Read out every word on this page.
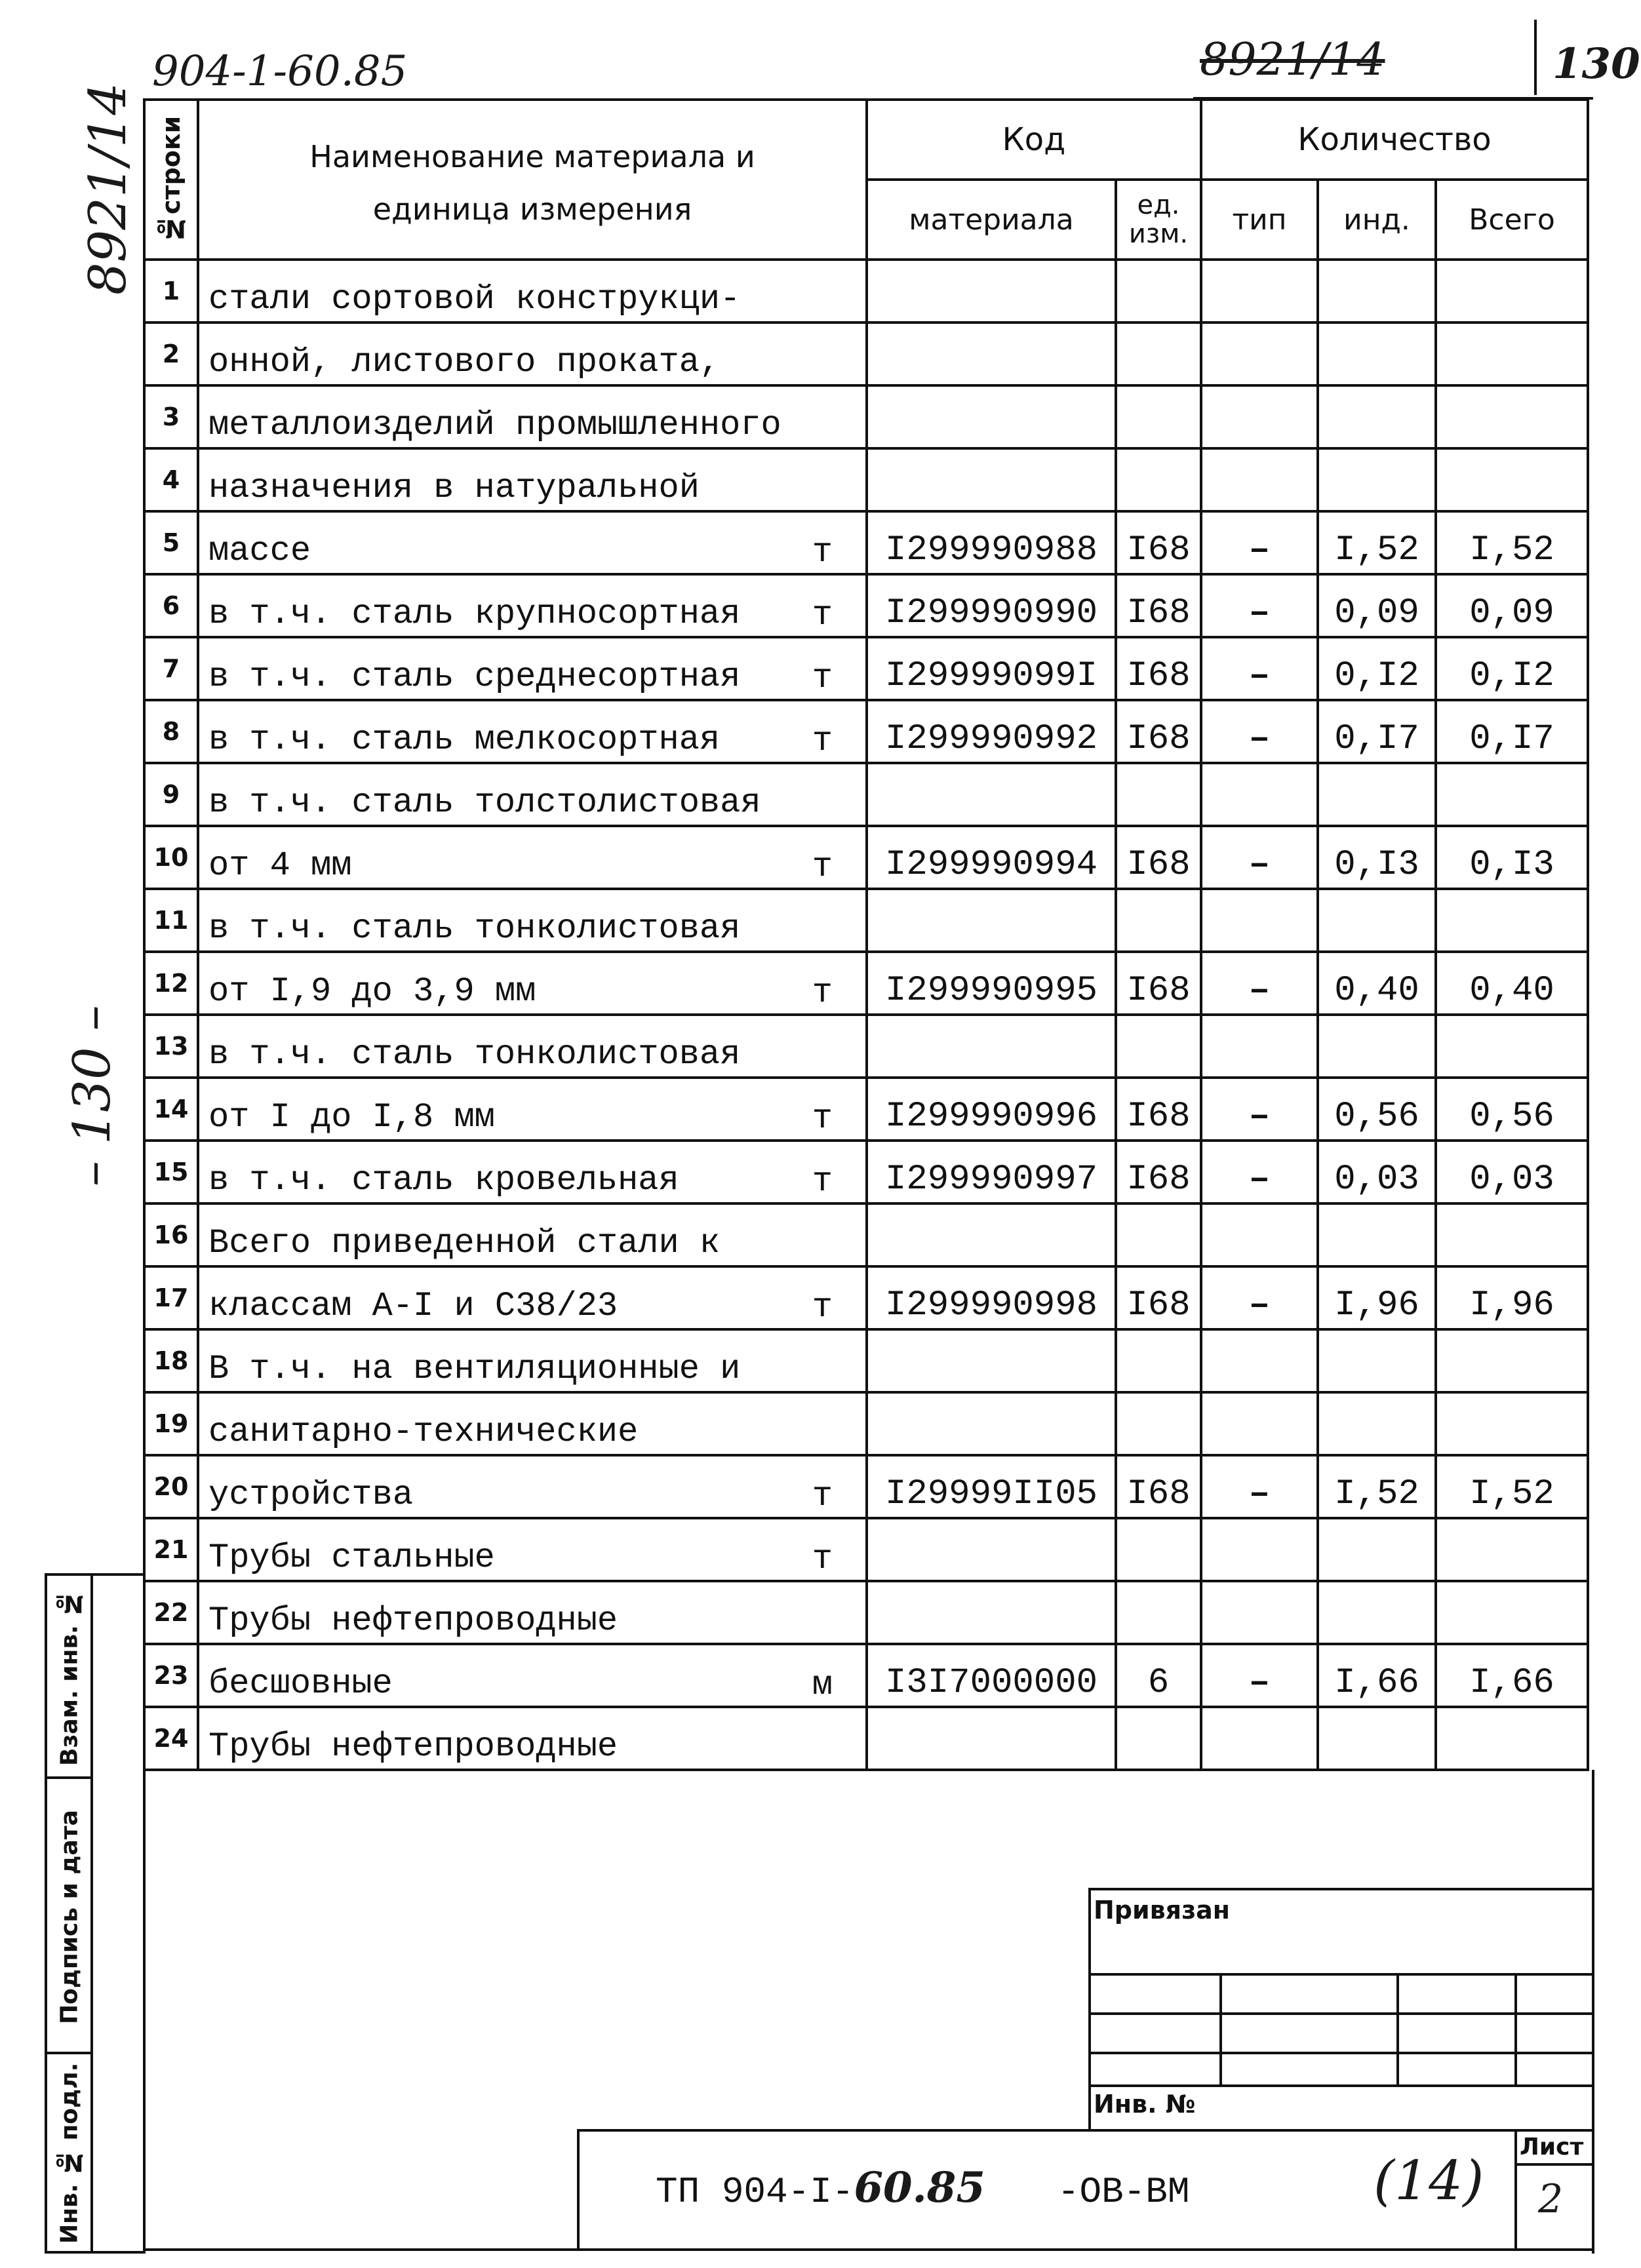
904-1-60.85	8921/14	130
8921/14
– 130 –
№строки	Наименование материала и единица измерения	Код		Количество		
		материала	ед. изм.	тип	инд.	Всего
1	стали сортовой конструкци-

2	онной, листового проката,

3	металлоизделий промышленного

4	назначения в натуральной

5	массе т	I299990988	I68	–	I,52	I,52
6	в т.ч. сталь крупносортная т	I299990990	I68	–	0,09	0,09
7	в т.ч. сталь среднесортная т	I29999099I	I68	–	0,I2	0,I2
8	в т.ч. сталь мелкосортная т	I299990992	I68	–	0,I7	0,I7
9	в т.ч. сталь толстолистовая

10	от 4 мм т	I299990994	I68	–	0,I3	0,I3
11	в т.ч. сталь тонколистовая

12	от I,9 до 3,9 мм т	I299990995	I68	–	0,40	0,40
13	в т.ч. сталь тонколистовая

14	от I до I,8 мм т	I299990996	I68	–	0,56	0,56
15	в т.ч. сталь кровельная т	I299990997	I68	–	0,03	0,03
16	Всего приведенной стали к

17	классам А-I и С38/23 т	I299990998	I68	–	I,96	I,96
18	В т.ч. на вентиляционные и

19	санитарно-технические

20	устройства т	I29999II05	I68	–	I,52	I,52
21	Трубы стальные т					

22	Трубы нефтепроводные

23	бесшовные м	I3I7000000	6	–	I,66	I,66
24	Трубы нефтепроводные

Взам. инв. №
Подпись и дата
Инв. № подл.
Привязан
Инв. №
ТП 904-I-60.85 -ОВ-ВМ	(14)
Лист
2
